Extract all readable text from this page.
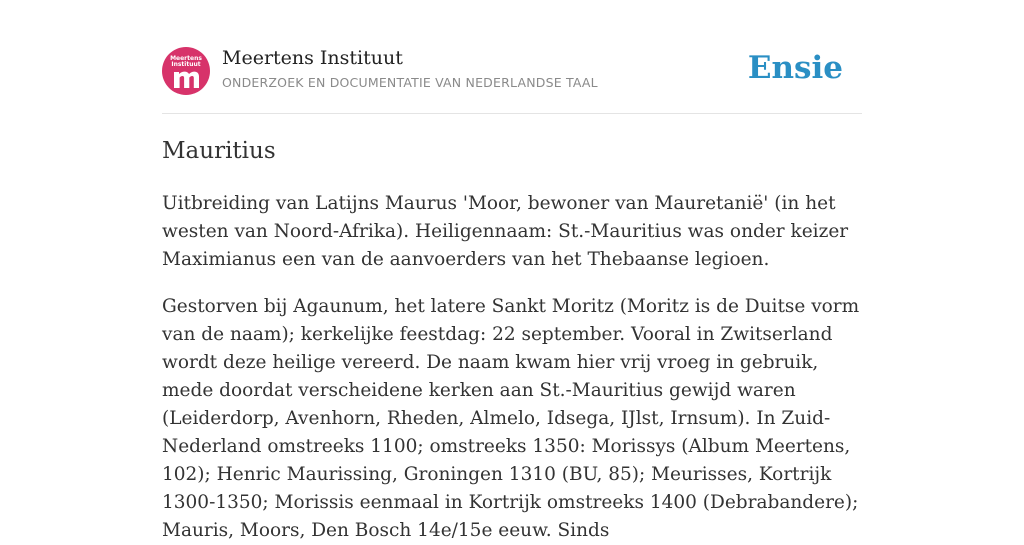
Meertens
Instituut	Meertens Instituut
ONDERZOEK EN DOCUMENTATIE VAN NEDERLANDSE TAAL	Ensie
Mauritius

Uitbreiding van Latijns Maurus 'Moor, bewoner van Mauretanië' (in het westen van Noord-Afrika). Heiligennaam: St.-Mauritius was onder keizer Maximianus een van de aanvoerders van het Thebaanse legioen.

Gestorven bij Agaunum, het latere Sankt Moritz (Moritz is de Duitse vorm van de naam); kerkelijke feestdag: 22 september. Vooral in Zwitserland wordt deze heilige vereerd. De naam kwam hier vrij vroeg in gebruik, mede doordat verscheidene kerken aan St.-Mauritius gewijd waren (Leiderdorp, Avenhorn, Rheden, Almelo, Idsega, IJlst, Irnsum). In Zuid-Nederland omstreeks 1100; omstreeks 1350: Morissys (Album Meertens, 102); Henric Maurissing, Groningen 1310 (BU, 85); Meurisses, Kortrijk 1300-1350; Morissis eenmaal in Kortrijk omstreeks 1400 (Debrabandere); Mauris, Moors, Den Bosch 14e/15e eeuw. Sinds
